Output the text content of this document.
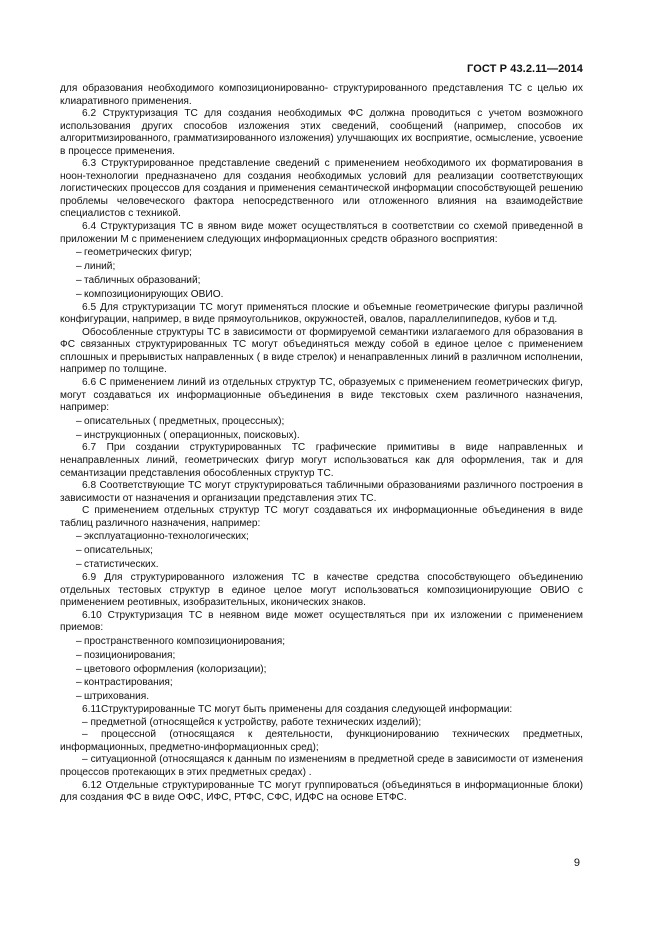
ГОСТ Р 43.2.11—2014

для образования необходимого композиционированно- структурированного представления ТС с целью их клиаративного применения.

6.2 Структуризация ТС для создания необходимых ФС должна проводиться с учетом возможного использования других способов изложения этих сведений, сообщений (например, способов их алгоритмизированного, грамматизированного изложения) улучшающих их восприятие, осмысление, усвоение в процессе применения.

6.3 Структурированное представление сведений с применением необходимого их форматирования в ноон-технологии предназначено для создания необходимых условий для реализации соответствующих логистических процессов для создания и применения семантической информации способствующей решению проблемы человеческого фактора непосредственного или отложенного влияния на взаимодействие специалистов с техникой.

6.4 Структуризация ТС в явном виде может осуществляться в соответствии со схемой приведенной в приложении М с применением следующих информационных средств образного восприятия:

– геометрических фигур;

– линий;

– табличных образований;

– композиционирующих ОВИО.

6.5 Для структуризации ТС могут применяться плоские и объемные геометрические фигуры различной конфигурации, например, в виде прямоугольников, окружностей, овалов, параллелипипедов, кубов и т.д.

Обособленные структуры ТС в зависимости от формируемой семантики излагаемого для образования в ФС связанных структурированных ТС могут объединяться между собой в единое целое с применением сплошных и прерывистых направленных ( в виде стрелок) и ненаправленных линий в различном исполнении, например по толщине.

6.6 С применением линий из отдельных структур ТС, образуемых с применением геометрических фигур, могут создаваться их информационные объединения в виде текстовых схем различного назначения, например:

– описательных ( предметных, процессных);

– инструкционных ( операционных, поисковых).

6.7 При создании структурированных ТС графические примитивы в виде направленных и ненаправленных линий, геометрических фигур могут использоваться как для оформления, так и для семантизации представления обособленных структур ТС.

6.8 Соответствующие ТС могут структурироваться табличными образованиями различного построения в зависимости от назначения и организации представления этих ТС.

С применением отдельных структур ТС могут создаваться их информационные объединения в виде таблиц различного назначения, например:

– эксплуатационно-технологических;

– описательных;

– статистических.

6.9 Для структурированного изложения ТС в качестве средства способствующего объединению отдельных тестовых структур в единое целое могут использоваться композиционирующие ОВИО с применением реотивных, изобразительных, иконических знаков.

6.10 Структуризация ТС в неявном виде может осуществляться при их изложении с применением приемов:

– пространственного композиционирования;

– позиционирования;

– цветового оформления (колоризации);

– контрастирования;

– штрихования.

6.11Структурированные ТС могут быть применены для создания следующей информации:

– предметной (относящейся к устройству, работе технических изделий);

– процессной (относящаяся к деятельности, функционированию технических предметных, информационных, предметно-информационных сред);

– ситуационной (относящаяся к данным по изменениям в предметной среде в зависимости от изменения процессов протекающих в этих предметных средах) .

6.12 Отдельные структурированные ТС могут группироваться (объединяться в информационные блоки) для создания ФС в виде ОФС, ИФС, РТФС, СФС, ИДФС на основе ЕТФС.

9
